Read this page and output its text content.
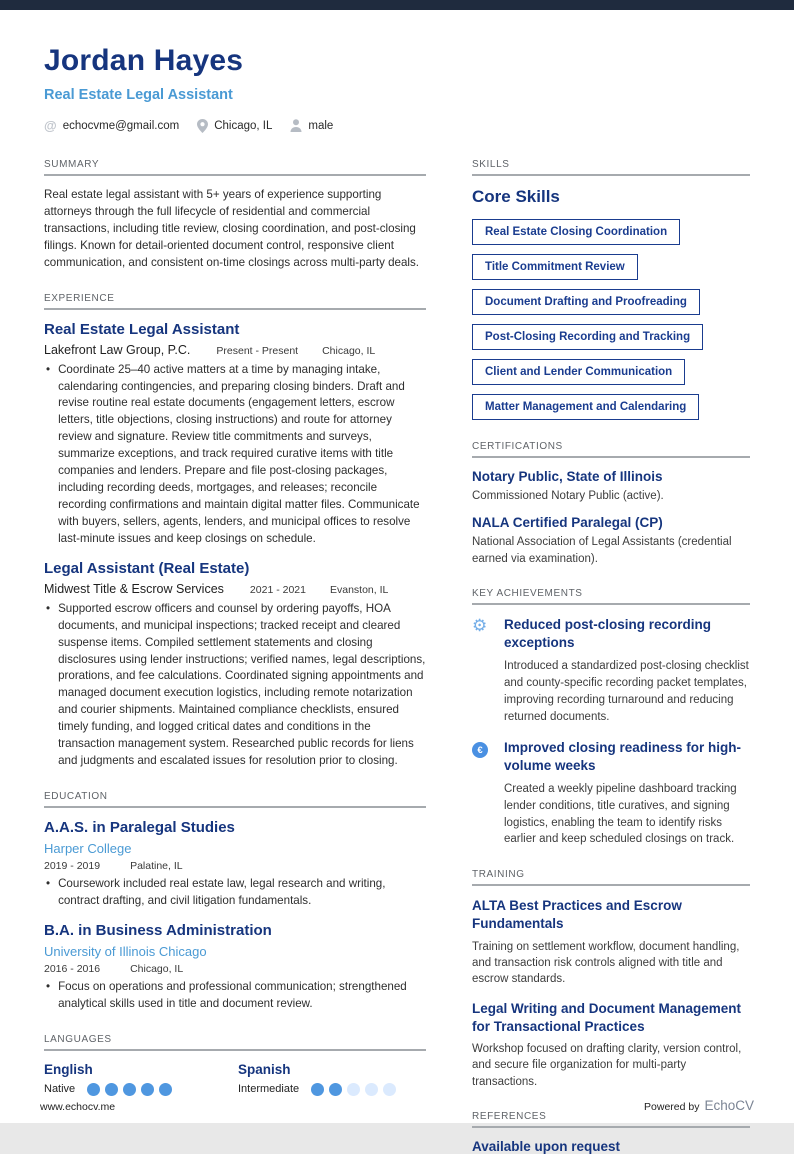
Jordan Hayes
Real Estate Legal Assistant
@ echocvme@gmail.com	Chicago, IL	male
SUMMARY
Real estate legal assistant with 5+ years of experience supporting attorneys through the full lifecycle of residential and commercial transactions, including title review, closing coordination, and post-closing filings. Known for detail-oriented document control, responsive client communication, and consistent on-time closings across multi-party deals.
EXPERIENCE
Real Estate Legal Assistant
Lakefront Law Group, P.C. Present - Present Chicago, IL
• Coordinate 25–40 active matters at a time by managing intake, calendaring contingencies, and preparing closing binders. Draft and revise routine real estate documents (engagement letters, escrow letters, title objections, closing instructions) and route for attorney review and signature. Review title commitments and surveys, summarize exceptions, and track required curative items with title companies and lenders. Prepare and file post-closing packages, including recording deeds, mortgages, and releases; reconcile recording confirmations and maintain digital matter files. Communicate with buyers, sellers, agents, lenders, and municipal offices to resolve last-minute issues and keep closings on schedule.
Legal Assistant (Real Estate)
Midwest Title & Escrow Services 2021 - 2021 Evanston, IL
• Supported escrow officers and counsel by ordering payoffs, HOA documents, and municipal inspections; tracked receipt and cleared suspense items. Compiled settlement statements and closing disclosures using lender instructions; verified names, legal descriptions, prorations, and fee calculations. Coordinated signing appointments and managed document execution logistics, including remote notarization and courier shipments. Maintained compliance checklists, ensured timely funding, and logged critical dates and conditions in the transaction management system. Researched public records for liens and judgments and escalated issues for resolution prior to closing.
EDUCATION
A.A.S. in Paralegal Studies
Harper College
2019 - 2019	Palatine, IL
• Coursework included real estate law, legal research and writing, contract drafting, and civil litigation fundamentals.
B.A. in Business Administration
University of Illinois Chicago
2016 - 2016	Chicago, IL
• Focus on operations and professional communication; strengthened analytical skills used in title and document review.
LANGUAGES
English
Native
Spanish
Intermediate
SKILLS
Core Skills
Real Estate Closing Coordination
Title Commitment Review
Document Drafting and Proofreading
Post-Closing Recording and Tracking
Client and Lender Communication
Matter Management and Calendaring
CERTIFICATIONS
Notary Public, State of Illinois
Commissioned Notary Public (active).
NALA Certified Paralegal (CP)
National Association of Legal Assistants (credential earned via examination).
KEY ACHIEVEMENTS
⚙	Reduced post-closing recording exceptions
Introduced a standardized post-closing checklist and county-specific recording packet templates, improving recording turnaround and reducing returned documents.
€	Improved closing readiness for high-volume weeks
Created a weekly pipeline dashboard tracking lender conditions, title curatives, and signing logistics, enabling the team to identify risks earlier and keep scheduled closings on track.
TRAINING
ALTA Best Practices and Escrow Fundamentals
Training on settlement workflow, document handling, and transaction risk controls aligned with title and escrow standards.
Legal Writing and Document Management for Transactional Practices
Workshop focused on drafting clarity, version control, and secure file organization for multi-party transactions.
REFERENCES
Available upon request
www.echocv.me	Powered by EchoCV
